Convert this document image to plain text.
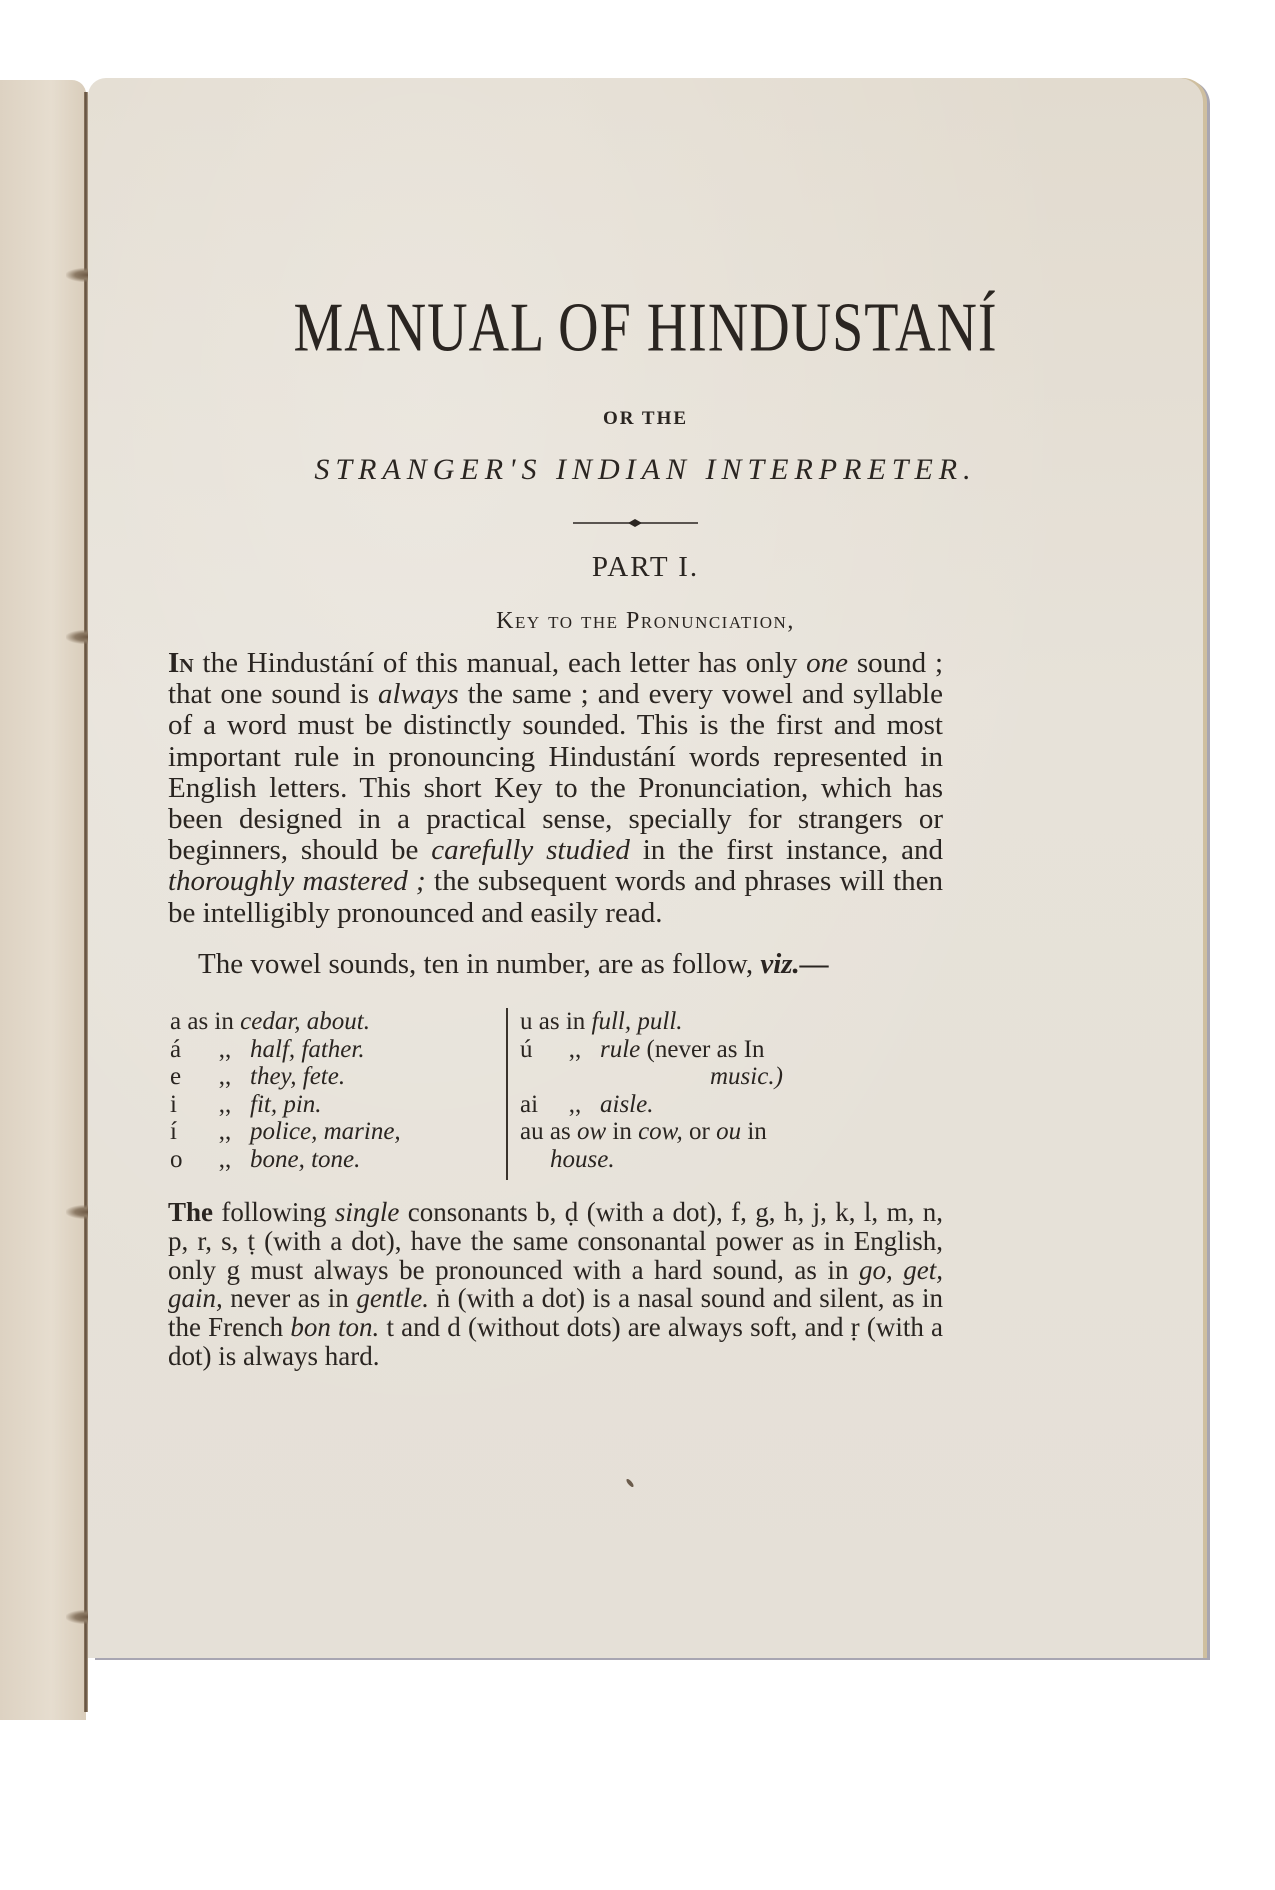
MANUAL OF HINDUSTANÍ
OR THE
STRANGER'S INDIAN INTERPRETER.
PART I.
Key to the Pronunciation,
In the Hindustání of this manual, each letter has only one sound ; that one sound is always the same ; and every vowel and syllable of a word must be distinctly sounded. This is the first and most important rule in pronouncing Hindustání words represented in English letters. This short Key to the Pronunciation, which has been designed in a practical sense, specially for strangers or beginners, should be carefully studied in the first instance, and thoroughly mastered ; the subsequent words and phrases will then be intelligibly pronounced and easily read.
The vowel sounds, ten in number, are as follow, viz.—
a as in cedar, about.
á ,, half, father.
e ,, they, fete.
i ,, fit, pin.
í ,, police, marine,
o ,, bone, tone.
u as in full, pull.
ú ,, rule (never as In
music.)
ai ,, aisle.
au as ow in cow, or ou in
house.
The following single consonants b, ḍ (with a dot), f, g, h, j, k, l, m, n, p, r, s, ṭ (with a dot), have the same consonantal power as in English, only g must always be pronounced with a hard sound, as in go, get, gain, never as in gentle. ṅ (with a dot) is a nasal sound and silent, as in the French bon ton. t and d (without dots) are always soft, and ṛ (with a dot) is always hard.
